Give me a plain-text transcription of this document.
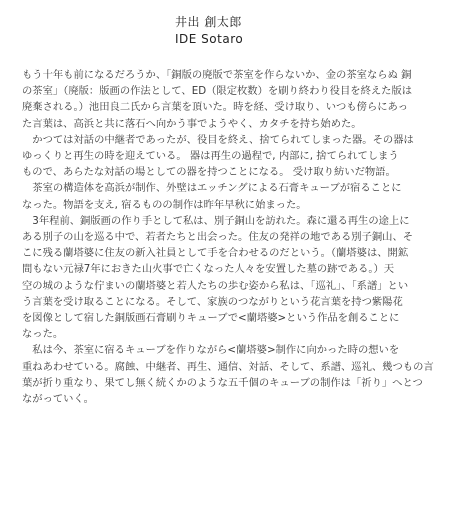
井出 創太郎
IDE Sotaro

もう十年も前になるだろうか、「銅版の廃版で茶室を作らないか、金の茶室ならぬ 銅
の茶室」（廃版：版画の作法として、ED（限定枚数）を刷り終わり役目を終えた版は
廃棄される。）池田良二氏から言葉を頂いた。時を経、受け取り、いつも傍らにあっ
た言葉は、高浜と共に落石へ向かう事でようやく、カタチを持ち始めた。

　かつては対話の中継者であったが、役目を終え、捨てられてしまった器。その器は
ゆっくりと再生の時を迎えている。 器は再生の過程で, 内部に, 捨てられてしまう
もので、あらたな対話の場としての器を持つことになる。 受け取り紡いだ物語。

　茶室の構造体を高浜が制作、外壁はエッチングによる石膏キューブが宿ることに
なった。物語を支え, 宿るものの制作は昨年早秋に始まった。

　3年程前、銅版画の作り手として私は、別子銅山を訪れた。森に還る再生の途上に
ある別子の山を巡る中で、若者たちと出会った。住友の発祥の地である別子銅山、そ
こに残る蘭塔婆に住友の新入社員として手を合わせるのだという。（蘭塔婆は、開鉱
間もない元禄7年におきた山火事で亡くなった人々を安置した墓の跡である。）天
空の城のような佇まいの蘭塔婆と若人たちの歩む姿から私は、「巡礼」、「系譜」とい
う言葉を受け取ることになる。そして、家族のつながりという花言葉を持つ紫陽花
を図像として宿した銅版画石膏刷りキューブで<蘭塔婆>という作品を創ることに
なった。

　私は今、茶室に宿るキューブを作りながら<蘭塔婆>制作に向かった時の想いを
重ねあわせている。腐蝕、中継者、再生、通信、対話、そして、系譜、巡礼、幾つもの言
葉が折り重なり、果てし無く続くかのような五千個のキューブの制作は「祈り」へとつ
ながっていく。
